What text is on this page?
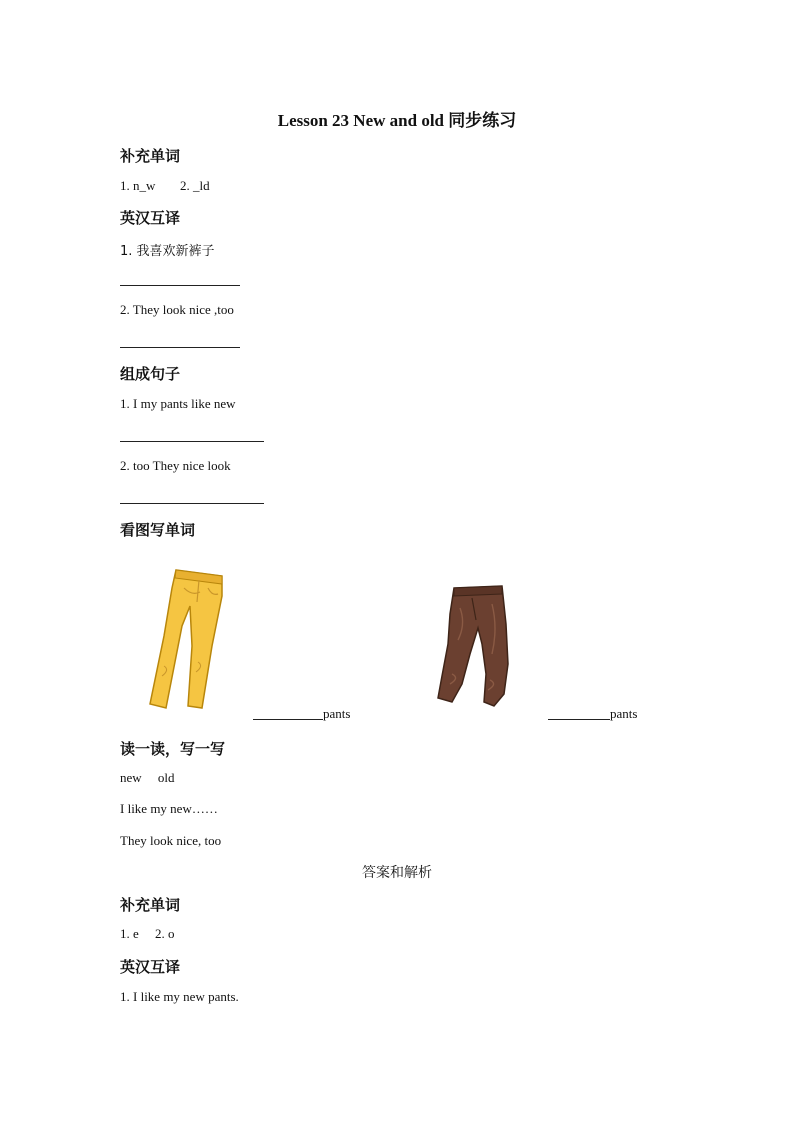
Lesson 23 New and old 同步练习
补充单词
1. n_w 2. _ld
英汉互译
1. 我喜欢新裤子
2. They look nice ,too
组成句子
1. I my pants like new
2. too They nice look
看图写单词
pants	pants
读一读，写一写
new     old
I like my new……
They look nice, too
答案和解析
补充单词
1. e     2. o
英汉互译
1. I like my new pants.
